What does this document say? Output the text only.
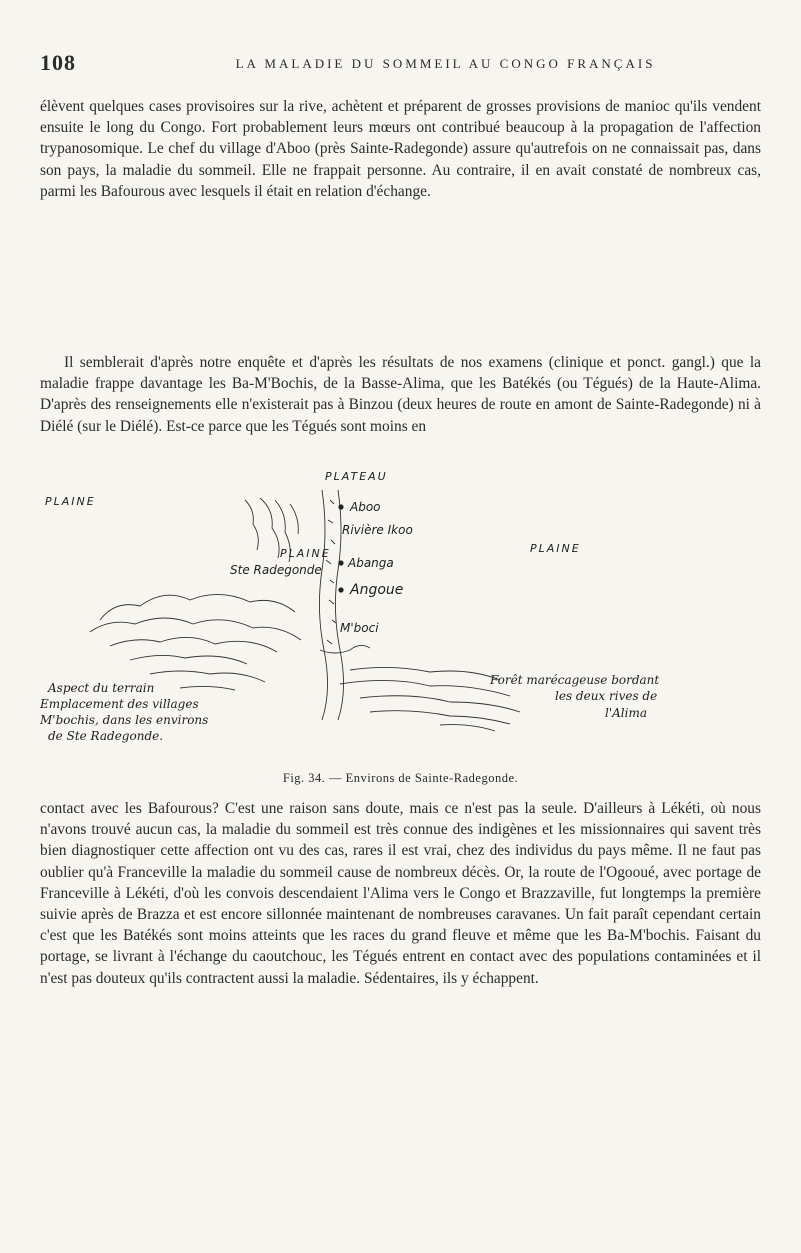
108	LA MALADIE DU SOMMEIL AU CONGO FRANÇAIS

élèvent quelques cases provisoires sur la rive, achètent et préparent de grosses provisions de manioc qu'ils vendent ensuite le long du Congo. Fort probablement leurs mœurs ont contribué beaucoup à la propagation de l'affection trypanosomique. Le chef du village d'Aboo (près Sainte-Radegonde) assure qu'autrefois on ne connaissait pas, dans son pays, la maladie du sommeil. Elle ne frappait personne. Au contraire, il en avait constaté de nombreux cas, parmi les Bafourous avec lesquels il était en relation d'échange.

Il semblerait d'après notre enquête et d'après les résultats de nos examens (clinique et ponct. gangl.) que la maladie frappe davantage les Ba-M'Bochis, de la Basse-Alima, que les Batékés (ou Tégués) de la Haute-Alima. D'après des renseignements elle n'existerait pas à Binzou (deux heures de route en amont de Sainte-Radegonde) ni à Diélé (sur le Diélé). Est-ce parce que les Tégués sont moins en

PLATEAU
PLAINE
PLAINE
PLAINE
Aboo
Rivière Ikoo
Abanga
Angoue
M'boci
Ste Radegonde
Forêt marécageuse bordant
les deux rives de
l'Alima
Aspect du terrain
Emplacement des villages
M'bochis, dans les environs
de Ste Radegonde.
Fig. 34. — Environs de Sainte-Radegonde.

contact avec les Bafourous? C'est une raison sans doute, mais ce n'est pas la seule. D'ailleurs à Lékéti, où nous n'avons trouvé aucun cas, la maladie du sommeil est très connue des indigènes et les missionnaires qui savent très bien diagnostiquer cette affection ont vu des cas, rares il est vrai, chez des individus du pays même. Il ne faut pas oublier qu'à Franceville la maladie du sommeil cause de nombreux décès. Or, la route de l'Ogooué, avec portage de Franceville à Lékéti, d'où les convois descendaient l'Alima vers le Congo et Brazzaville, fut longtemps la première suivie après de Brazza et est encore sillonnée maintenant de nombreuses caravanes. Un fait paraît cependant certain c'est que les Batékés sont moins atteints que les races du grand fleuve et même que les Ba-M'bochis. Faisant du portage, se livrant à l'échange du caoutchouc, les Tégués entrent en contact avec des populations contaminées et il n'est pas douteux qu'ils contractent aussi la maladie. Sédentaires, ils y échappent.
